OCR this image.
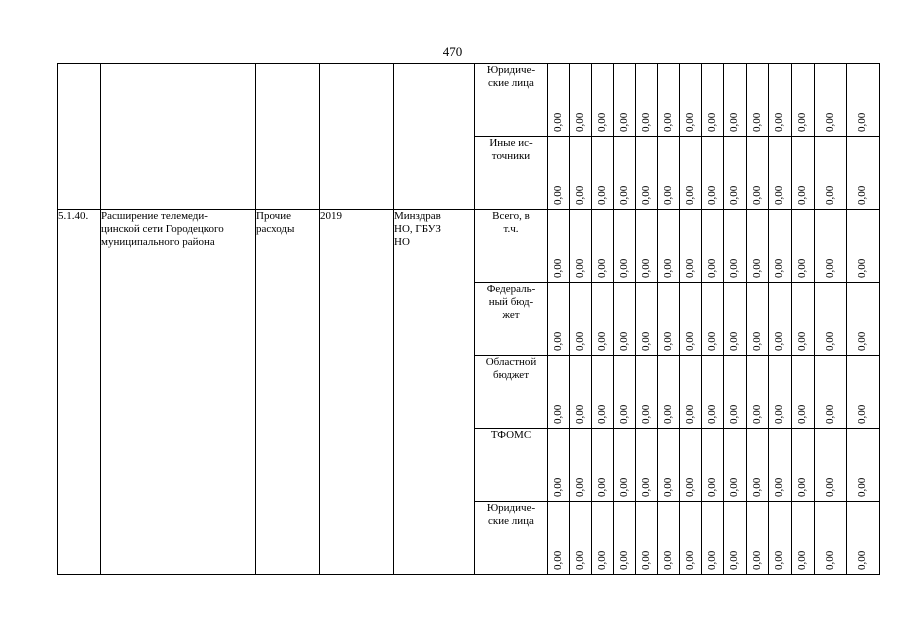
470
					Юридиче-
ские лица	0,00	0,00	0,00	0,00	0,00	0,00	0,00	0,00	0,00	0,00	0,00	0,00	0,00	0,00

					Иные ис-
точники	0,00	0,00	0,00	0,00	0,00	0,00	0,00	0,00	0,00	0,00	0,00	0,00	0,00	0,00

5.1.40.	Расширение телемеди-
цинской сети Городецкого
муниципального района	Прочие
расходы	2019	Минздрав
НО, ГБУЗ
НО	Всего, в
т.ч.	0,00	0,00	0,00	0,00	0,00	0,00	0,00	0,00	0,00	0,00	0,00	0,00	0,00	0,00

					Федераль-
ный бюд-
жет	0,00	0,00	0,00	0,00	0,00	0,00	0,00	0,00	0,00	0,00	0,00	0,00	0,00	0,00

					Областной
бюджет	0,00	0,00	0,00	0,00	0,00	0,00	0,00	0,00	0,00	0,00	0,00	0,00	0,00	0,00

					ТФОМС	0,00	0,00	0,00	0,00	0,00	0,00	0,00	0,00	0,00	0,00	0,00	0,00	0,00	0,00

					Юридиче-
ские лица	0,00	0,00	0,00	0,00	0,00	0,00	0,00	0,00	0,00	0,00	0,00	0,00	0,00	0,00
